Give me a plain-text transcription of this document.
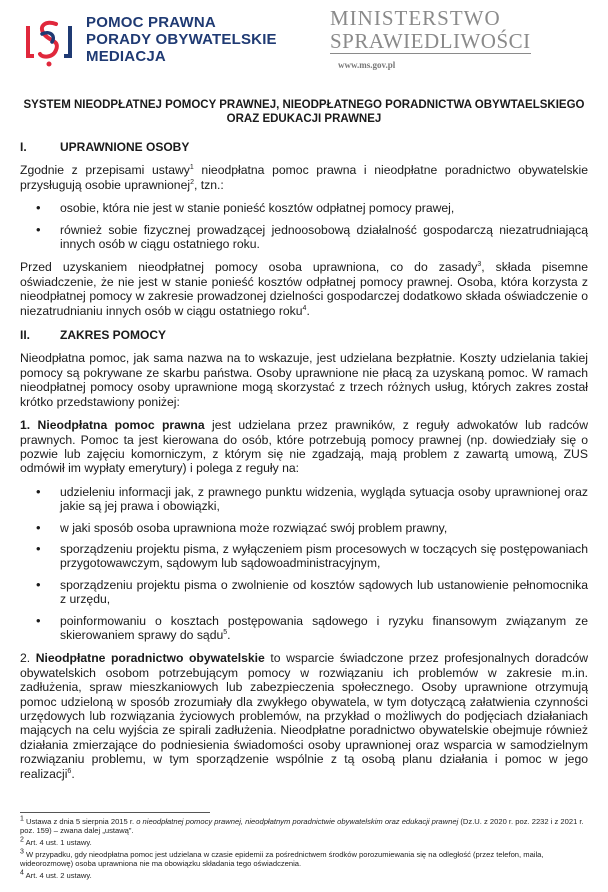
POMOC PRAWNA
PORADY OBYWATELSKIE
MEDIACJA
MINISTERSTWO
SPRAWIEDLIWOŚCI
www.ms.gov.pl
SYSTEM NIEODPŁATNEJ POMOCY PRAWNEJ, NIEODPŁATNEGO PORADNICTWA OBYWTAELSKIEGO ORAZ EDUKACJI PRAWNEJ
I.	UPRAWNIONE OSOBY

Zgodnie z przepisami ustawy$^1$ nieodpłatna pomoc prawna i nieodpłatne poradnictwo obywatelskie przysługują osobie uprawnionej$^2$, tzn.:

• osobie, która nie jest w stanie ponieść kosztów odpłatnej pomocy prawej,
• również sobie fizycznej prowadzącej jednoosobową działalność gospodarczą niezatrudniającą innych osób w ciągu ostatniego roku.

Przed uzyskaniem nieodpłatnej pomocy osoba uprawniona, co do zasady$^3$, składa pisemne oświadczenie, że nie jest w stanie ponieść kosztów odpłatnej pomocy prawnej. Osoba, która korzysta z nieodpłatnej pomocy w zakresie prowadzonej dzielności gospodarczej dodatkowo składa oświadczenie o niezatrudnianiu innych osób w ciągu ostatniego roku$^4$.

II.	ZAKRES POMOCY

Nieodpłatna pomoc, jak sama nazwa na to wskazuje, jest udzielana bezpłatnie. Koszty udzielania takiej pomocy są pokrywane ze skarbu państwa. Osoby uprawnione nie płacą za uzyskaną pomoc. W ramach nieodpłatnej pomocy osoby uprawnione mogą skorzystać z trzech różnych usług, których zakres został krótko przedstawiony poniżej:

1. Nieodpłatna pomoc prawna jest udzielana przez prawników, z reguły adwokatów lub radców prawnych. Pomoc ta jest kierowana do osób, które potrzebują pomocy prawnej (np. dowiedziały się o pozwie lub zajęciu komorniczym, z którym się nie zgadzają, mają problem z zawartą umową, ZUS odmówił im wypłaty emerytury) i polega z reguły na:

• udzieleniu informacji jak, z prawnego punktu widzenia, wygląda sytuacja osoby uprawnionej oraz jakie są jej prawa i obowiązki,
• w jaki sposób osoba uprawniona może rozwiązać swój problem prawny,
• sporządzeniu projektu pisma, z wyłączeniem pism procesowych w toczących się postępowaniach przygotowawczym, sądowym lub sądowoadministracyjnym,
• sporządzeniu projektu pisma o zwolnienie od kosztów sądowych lub ustanowienie pełnomocnika z urzędu,
• poinformowaniu o kosztach postępowania sądowego i ryzyku finansowym związanym ze skierowaniem sprawy do sądu$^5$.

2. Nieodpłatne poradnictwo obywatelskie to wsparcie świadczone przez profesjonalnych doradców obywatelskich osobom potrzebującym pomocy w rozwiązaniu ich problemów w zakresie m.in. zadłużenia, spraw mieszkaniowych lub zabezpieczenia społecznego. Osoby uprawnione otrzymują pomoc udzieloną w sposób zrozumiały dla zwykłego obywatela, w tym dotyczącą załatwienia czynności urzędowych lub rozwiązania życiowych problemów, na przykład o możliwych do podjęciach działaniach mających na celu wyjścia ze spirali zadłużenia. Nieodpłatne poradnictwo obywatelskie obejmuje również działania zmierzające do podniesienia świadomości osoby uprawnionej oraz wsparcia w samodzielnym rozwiązaniu problemu, w tym sporządzenie wspólnie z tą osobą planu działania i pomoc w jego realizacji$^6$.

$^1$ Ustawa z dnia 5 sierpnia 2015 r. o nieodpłatnej pomocy prawnej, nieodpłatnym poradnictwie obywatelskim oraz edukacji prawnej (Dz.U. z 2020 r. poz. 2232 i z 2021 r. poz. 159) – zwana dalej „ustawą”.
$^2$ Art. 4 ust. 1 ustawy.
$^3$ W przypadku, gdy nieodpłatna pomoc jest udzielana w czasie epidemii za pośrednictwem środków porozumiewania się na odległość (przez telefon, maila, wideorozmowę) osoba uprawniona nie ma obowiązku składania tego oświadczenia.
$^4$ Art. 4 ust. 2 ustawy.
